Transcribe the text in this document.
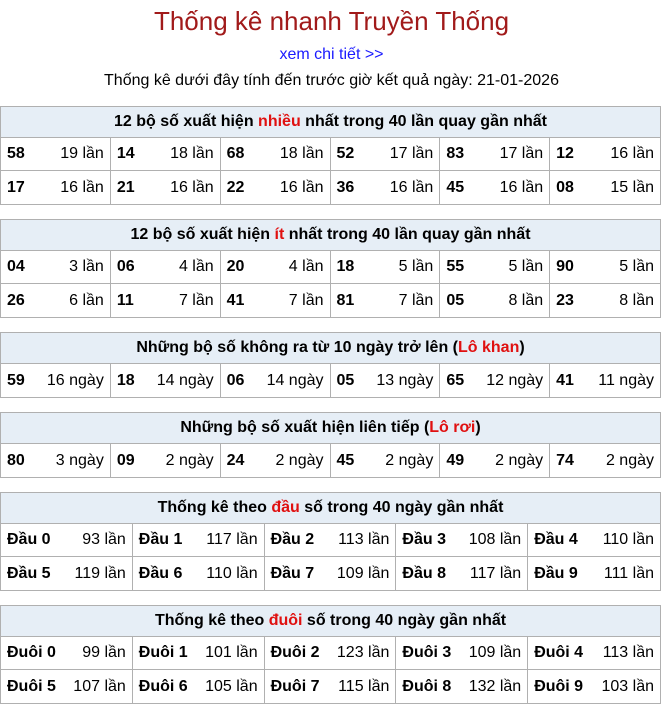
Thống kê nhanh Truyền Thống
xem chi tiết >>
Thống kê dưới đây tính đến trước giờ kết quả ngày: 21-01-2026
12 bộ số xuất hiện nhiều nhất trong 40 lần quay gần nhất
58 19 lần 14 18 lần 68 18 lần 52 17 lần 83 17 lần 12 16 lần
17 16 lần 21 16 lần 22 16 lần 36 16 lần 45 16 lần 08 15 lần
12 bộ số xuất hiện ít nhất trong 40 lần quay gần nhất
04	3 lần 06	4 lần 20	4 lần 18	5 lần 55	5 lần 90	5 lần
26	6 lần 11	7 lần 41	7 lần 81	7 lần 05	8 lần 23	8 lần
Những bộ số không ra từ 10 ngày trở lên (Lô khan)
59 16 ngày 18 14 ngày 06 14 ngày 05 13 ngày 65 12 ngày 41 11 ngày
Những bộ số xuất hiện liên tiếp (Lô rơi)
80 3 ngày 09 2 ngày 24 2 ngày 45 2 ngày 49 2 ngày 74 2 ngày
Thống kê theo đầu số trong 40 ngày gần nhất
Đầu 0 93 lần Đầu 1 117 lần Đầu 2 113 lần Đầu 3 108 lần Đầu 4 110 lần
Đầu 5 119 lần Đầu 6 110 lần Đầu 7 109 lần Đầu 8 117 lần Đầu 9 111 lần
Thống kê theo đuôi số trong 40 ngày gần nhất
Đuôi 0 99 lần Đuôi 1 101 lần Đuôi 2 123 lần Đuôi 3 109 lần Đuôi 4 113 lần
Đuôi 5 107 lần Đuôi 6 105 lần Đuôi 7 115 lần Đuôi 8 132 lần Đuôi 9 103 lần
